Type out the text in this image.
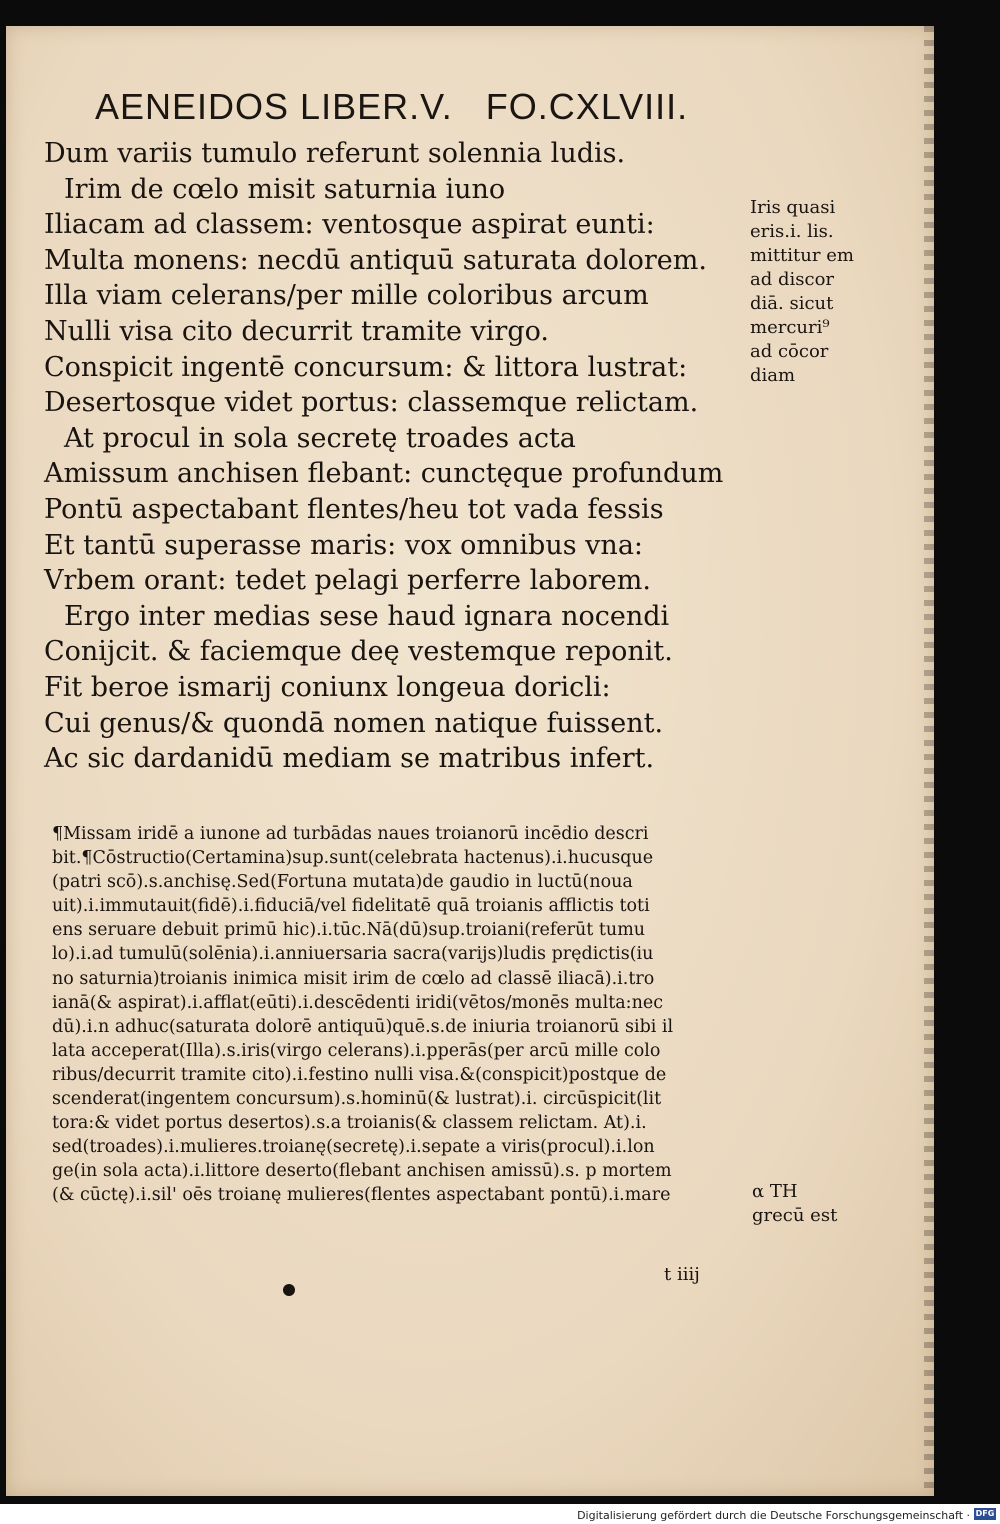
AENEIDOS LIBER.V.   FO.CXLVIII.
Dum variis tumulo referunt solennia ludis.
Irim de cœlo misit saturnia iuno
Iliacam ad classem: ventosque aspirat eunti:
Multa monens: necdū antiquū saturata dolorem.
Illa viam celerans/per mille coloribus arcum
Nulli visa cito decurrit tramite virgo.
Conspicit ingentē concursum: & littora lustrat:
Desertosque videt portus: classemque relictam.
At procul in sola secretę troades acta
Amissum anchisen flebant: cunctęque profundum
Pontū aspectabant flentes/heu tot vada fessis
Et tantū superasse maris: vox omnibus vna:
Vrbem orant: tedet pelagi perferre laborem.
Ergo inter medias sese haud ignara nocendi
Conijcit. & faciemque deę vestemque reponit.
Fit beroe ismarij coniunx longeua doricli:
Cui genus/& quondā nomen natique fuissent.
Ac sic dardanidū mediam se matribus infert.
Iris quasi
eris.i. lis.
mittitur em
ad discor
diā. sicut
mercuri⁹
ad cōcor
diam
¶Missam iridē a iunone ad turbādas naues troianorū incēdio descri
bit.¶Cōstructio(Certamina)sup.sunt(celebrata hactenus).i.hucusque
(patri scō).s.anchisę.Sed(Fortuna mutata)de gaudio in luctū(noua
uit).i.immutauit(fidē).i.fiduciā/vel fidelitatē quā troianis afflictis toti
ens seruare debuit primū hic).i.tūc.Nā(dū)sup.troiani(referūt tumu
lo).i.ad tumulū(solēnia).i.anniuersaria sacra(varijs)ludis prędictis(iu
no saturnia)troianis inimica misit irim de cœlo ad classē iliacā).i.tro
ianā(& aspirat).i.afflat(eūti).i.descēdenti iridi(vētos/monēs multa:nec
dū).i.n adhuc(saturata dolorē antiquū)quē.s.de iniuria troianorū sibi il
lata acceperat(Illa).s.iris(virgo celerans).i.pperās(per arcū mille colo
ribus/decurrit tramite cito).i.festino nulli visa.&(conspicit)postque de
scenderat(ingentem concursum).s.hominū(& lustrat).i. circūspicit(lit
tora:& videt portus desertos).s.a troianis(& classem relictam. At).i.
sed(troades).i.mulieres.troianę(secretę).i.sepate a viris(procul).i.lon
ge(in sola acta).i.littore deserto(flebant anchisen amissū).s. p mortem
(& cūctę).i.sil' oēs troianę mulieres(flentes aspectabant pontū).i.mare	α TH
grecū est
t iiij
Digitalisierung gefördert durch die Deutsche Forschungsgemeinschaft · DFG
